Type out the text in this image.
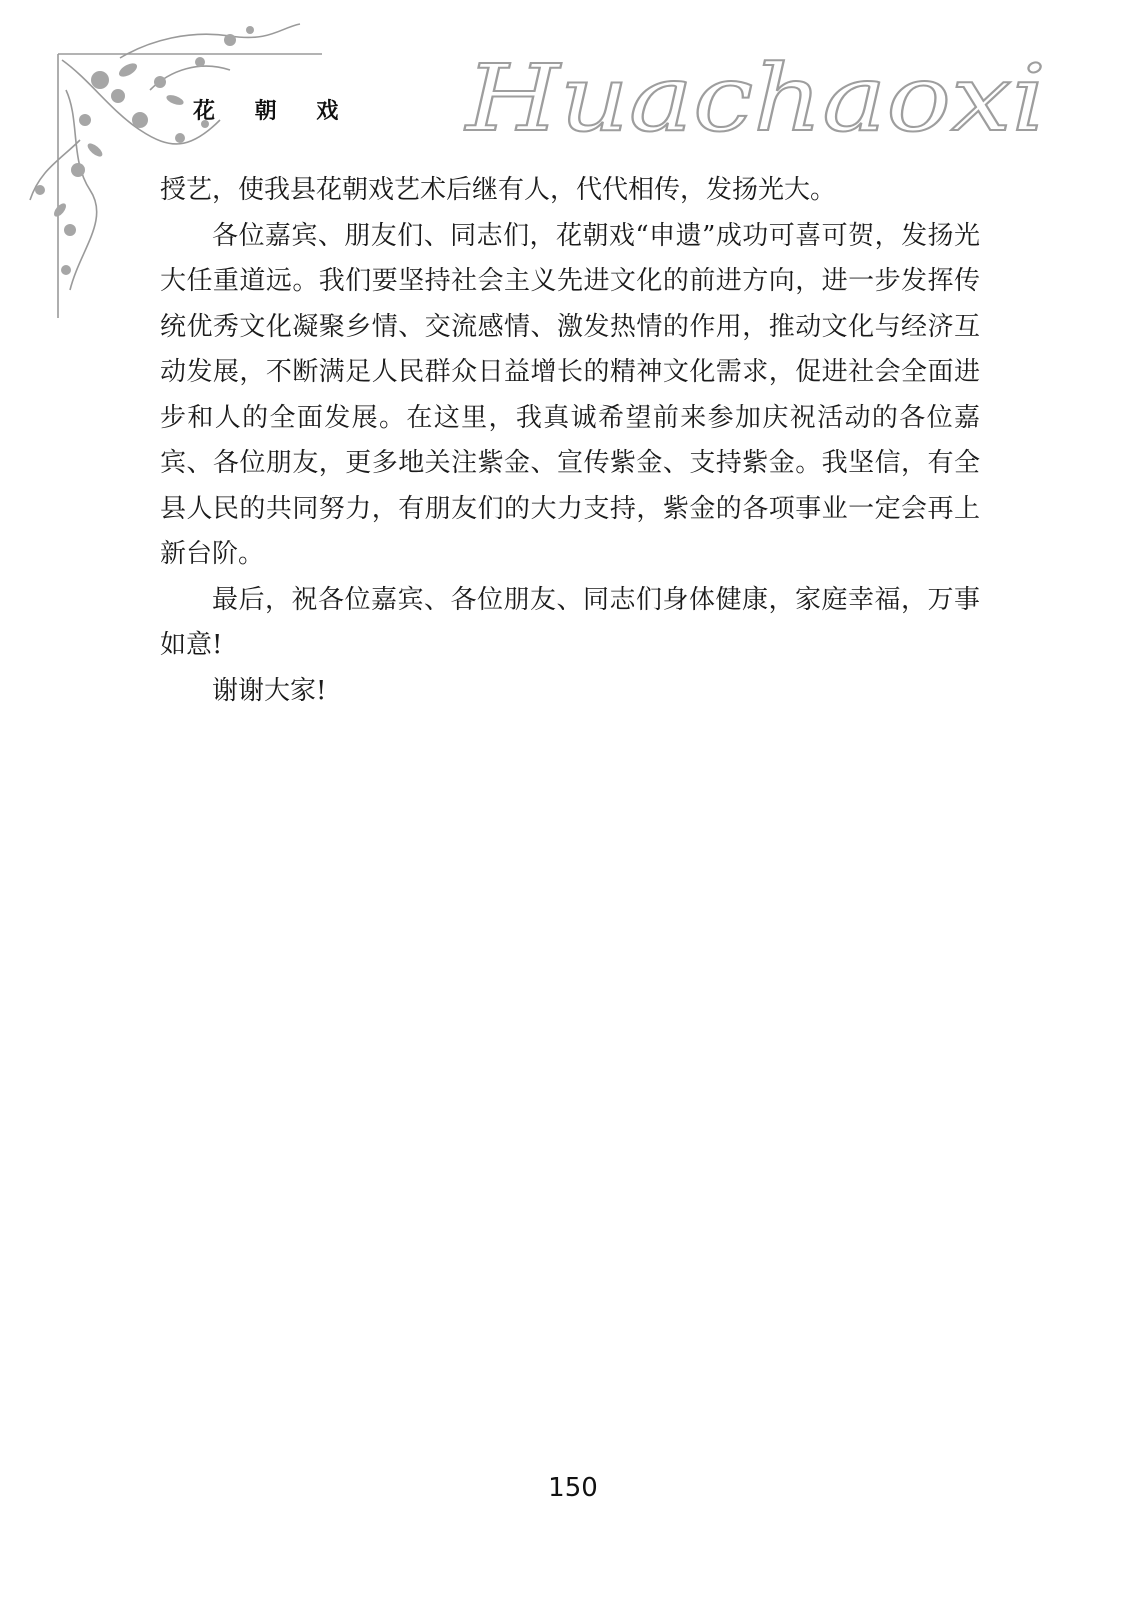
花 朝 戏 Huachaoxi

授艺，使我县花朝戏艺术后继有人，代代相传，发扬光大。

各位嘉宾、朋友们、同志们，花朝戏“申遗”成功可喜可贺，发扬光大任重道远。我们要坚持社会主义先进文化的前进方向，进一步发挥传统优秀文化凝聚乡情、交流感情、激发热情的作用，推动文化与经济互动发展，不断满足人民群众日益增长的精神文化需求，促进社会全面进步和人的全面发展。在这里，我真诚希望前来参加庆祝活动的各位嘉宾、各位朋友，更多地关注紫金、宣传紫金、支持紫金。我坚信，有全县人民的共同努力，有朋友们的大力支持，紫金的各项事业一定会再上新台阶。

最后，祝各位嘉宾、各位朋友、同志们身体健康，家庭幸福，万事如意!

谢谢大家!

150
